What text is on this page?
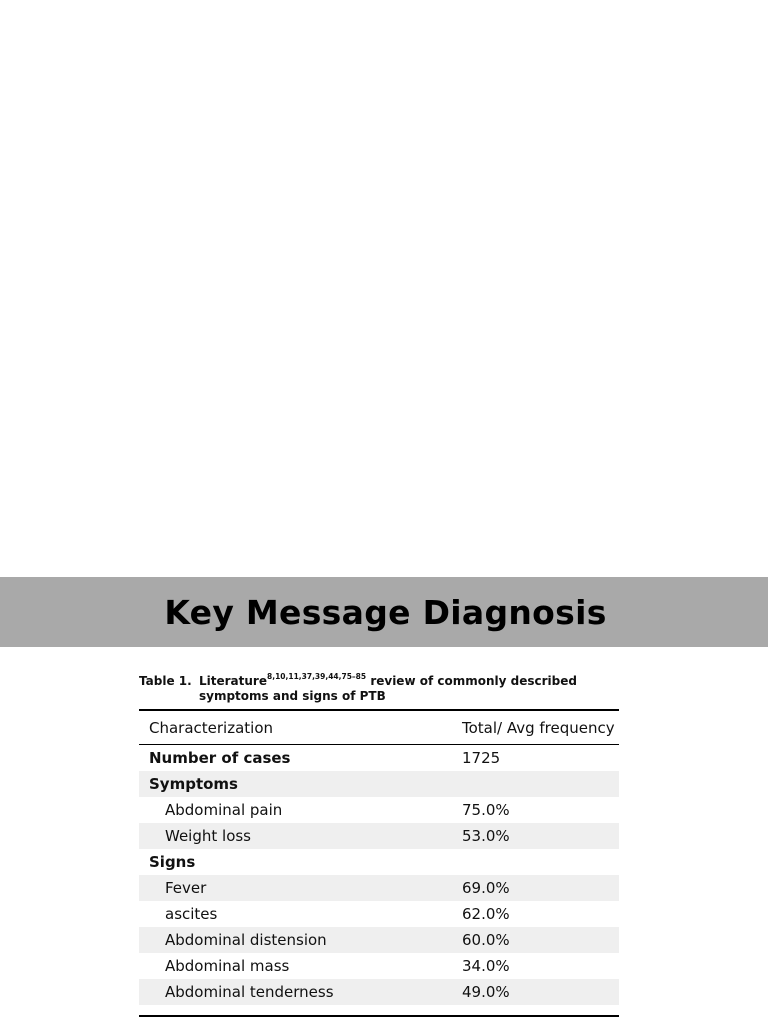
Key Message Diagnosis
Table 1. Literature$^{8,10,11,37,39,44,75-85}$ review of commonly described
symptoms and signs of PTB
Characterization	Total/ Avg frequency
Number of cases	1725
Symptoms	
Abdominal pain	75.0%
Weight loss	53.0%
Signs	
Fever	69.0%
ascites	62.0%
Abdominal distension	60.0%
Abdominal mass	34.0%
Abdominal tenderness	49.0%
